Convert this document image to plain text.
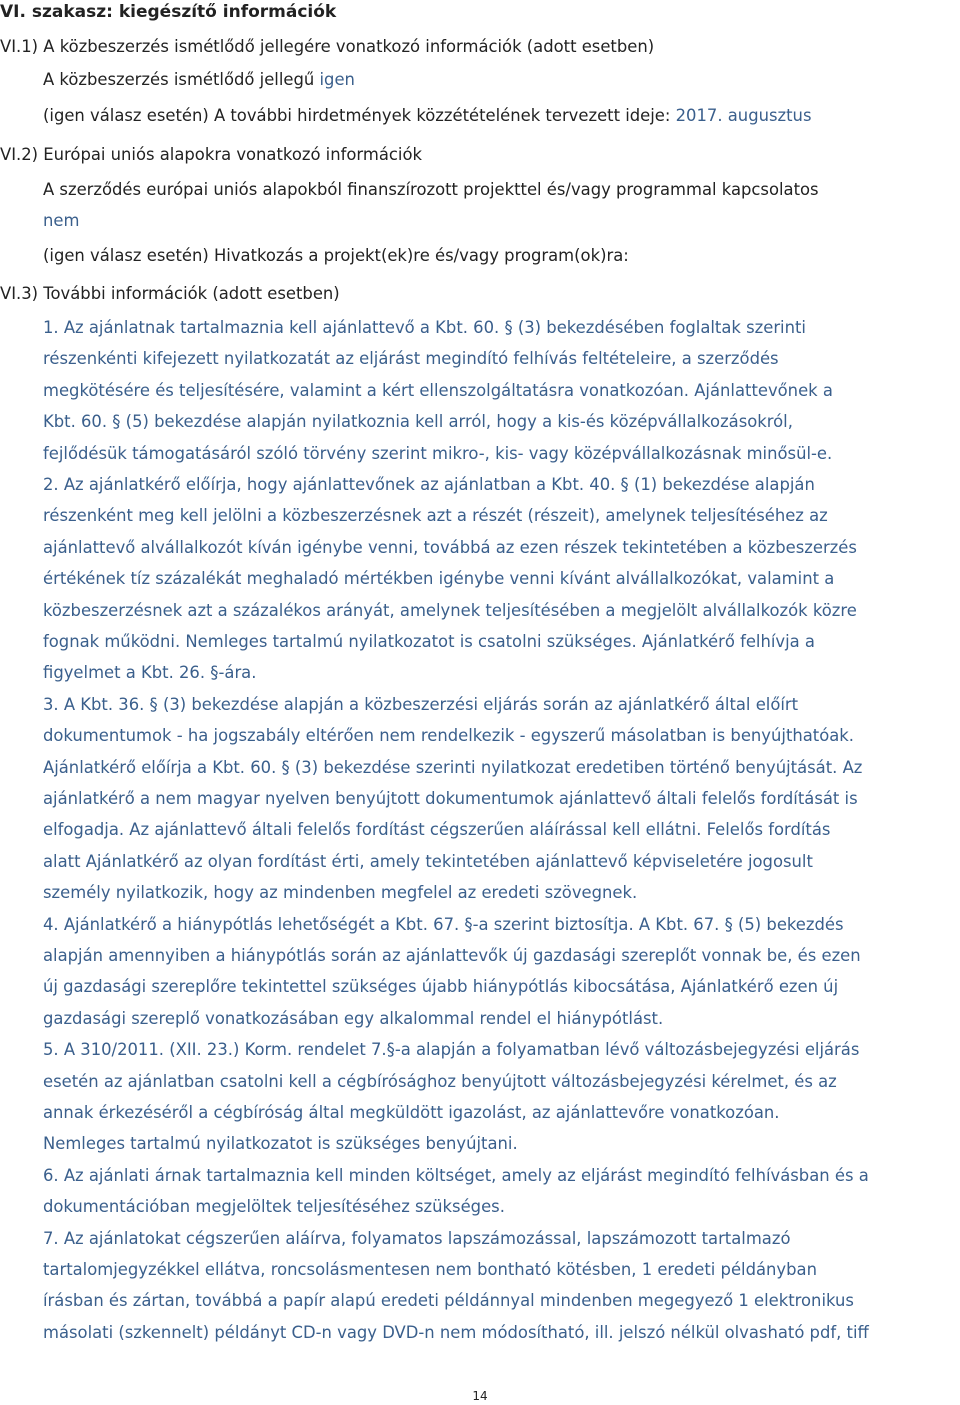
VI. szakasz: kiegészítő információk
VI.1) A közbeszerzés ismétlődő jellegére vonatkozó információk (adott esetben)
A közbeszerzés ismétlődő jellegű igen
(igen válasz esetén) A további hirdetmények közzétételének tervezett ideje: 2017. augusztus
VI.2) Európai uniós alapokra vonatkozó információk
A szerződés európai uniós alapokból finanszírozott projekttel és/vagy programmal kapcsolatos
nem
(igen válasz esetén) Hivatkozás a projekt(ek)re és/vagy program(ok)ra:
VI.3) További információk (adott esetben)
1. Az ajánlatnak tartalmaznia kell ajánlattevő a Kbt. 60. § (3) bekezdésében foglaltak szerinti
részenkénti kifejezett nyilatkozatát az eljárást megindító felhívás feltételeire, a szerződés
megkötésére és teljesítésére, valamint a kért ellenszolgáltatásra vonatkozóan. Ajánlattevőnek a
Kbt. 60. § (5) bekezdése alapján nyilatkoznia kell arról, hogy a kis-és középvállalkozásokról,
fejlődésük támogatásáról szóló törvény szerint mikro-, kis- vagy középvállalkozásnak minősül-e.
2. Az ajánlatkérő előírja, hogy ajánlattevőnek az ajánlatban a Kbt. 40. § (1) bekezdése alapján
részenként meg kell jelölni a közbeszerzésnek azt a részét (részeit), amelynek teljesítéséhez az
ajánlattevő alvállalkozót kíván igénybe venni, továbbá az ezen részek tekintetében a közbeszerzés
értékének tíz százalékát meghaladó mértékben igénybe venni kívánt alvállalkozókat, valamint a
közbeszerzésnek azt a százalékos arányát, amelynek teljesítésében a megjelölt alvállalkozók közre
fognak működni. Nemleges tartalmú nyilatkozatot is csatolni szükséges. Ajánlatkérő felhívja a
figyelmet a Kbt. 26. §-ára.
3. A Kbt. 36. § (3) bekezdése alapján a közbeszerzési eljárás során az ajánlatkérő által előírt
dokumentumok - ha jogszabály eltérően nem rendelkezik - egyszerű másolatban is benyújthatóak.
Ajánlatkérő előírja a Kbt. 60. § (3) bekezdése szerinti nyilatkozat eredetiben történő benyújtását. Az
ajánlatkérő a nem magyar nyelven benyújtott dokumentumok ajánlattevő általi felelős fordítását is
elfogadja. Az ajánlattevő általi felelős fordítást cégszerűen aláírással kell ellátni. Felelős fordítás
alatt Ajánlatkérő az olyan fordítást érti, amely tekintetében ajánlattevő képviseletére jogosult
személy nyilatkozik, hogy az mindenben megfelel az eredeti szövegnek.
4. Ajánlatkérő a hiánypótlás lehetőségét a Kbt. 67. §-a szerint biztosítja. A Kbt. 67. § (5) bekezdés
alapján amennyiben a hiánypótlás során az ajánlattevők új gazdasági szereplőt vonnak be, és ezen
új gazdasági szereplőre tekintettel szükséges újabb hiánypótlás kibocsátása, Ajánlatkérő ezen új
gazdasági szereplő vonatkozásában egy alkalommal rendel el hiánypótlást.
5. A 310/2011. (XII. 23.) Korm. rendelet 7.§-a alapján a folyamatban lévő változásbejegyzési eljárás
esetén az ajánlatban csatolni kell a cégbírósághoz benyújtott változásbejegyzési kérelmet, és az
annak érkezéséről a cégbíróság által megküldött igazolást, az ajánlattevőre vonatkozóan.
Nemleges tartalmú nyilatkozatot is szükséges benyújtani.
6. Az ajánlati árnak tartalmaznia kell minden költséget, amely az eljárást megindító felhívásban és a
dokumentációban megjelöltek teljesítéséhez szükséges.
7. Az ajánlatokat cégszerűen aláírva, folyamatos lapszámozással, lapszámozott tartalmazó
tartalomjegyzékkel ellátva, roncsolásmentesen nem bontható kötésben, 1 eredeti példányban
írásban és zártan, továbbá a papír alapú eredeti példánnyal mindenben megegyező 1 elektronikus
másolati (szkennelt) példányt CD-n vagy DVD-n nem módosítható, ill. jelszó nélkül olvasható pdf, tiff
14
